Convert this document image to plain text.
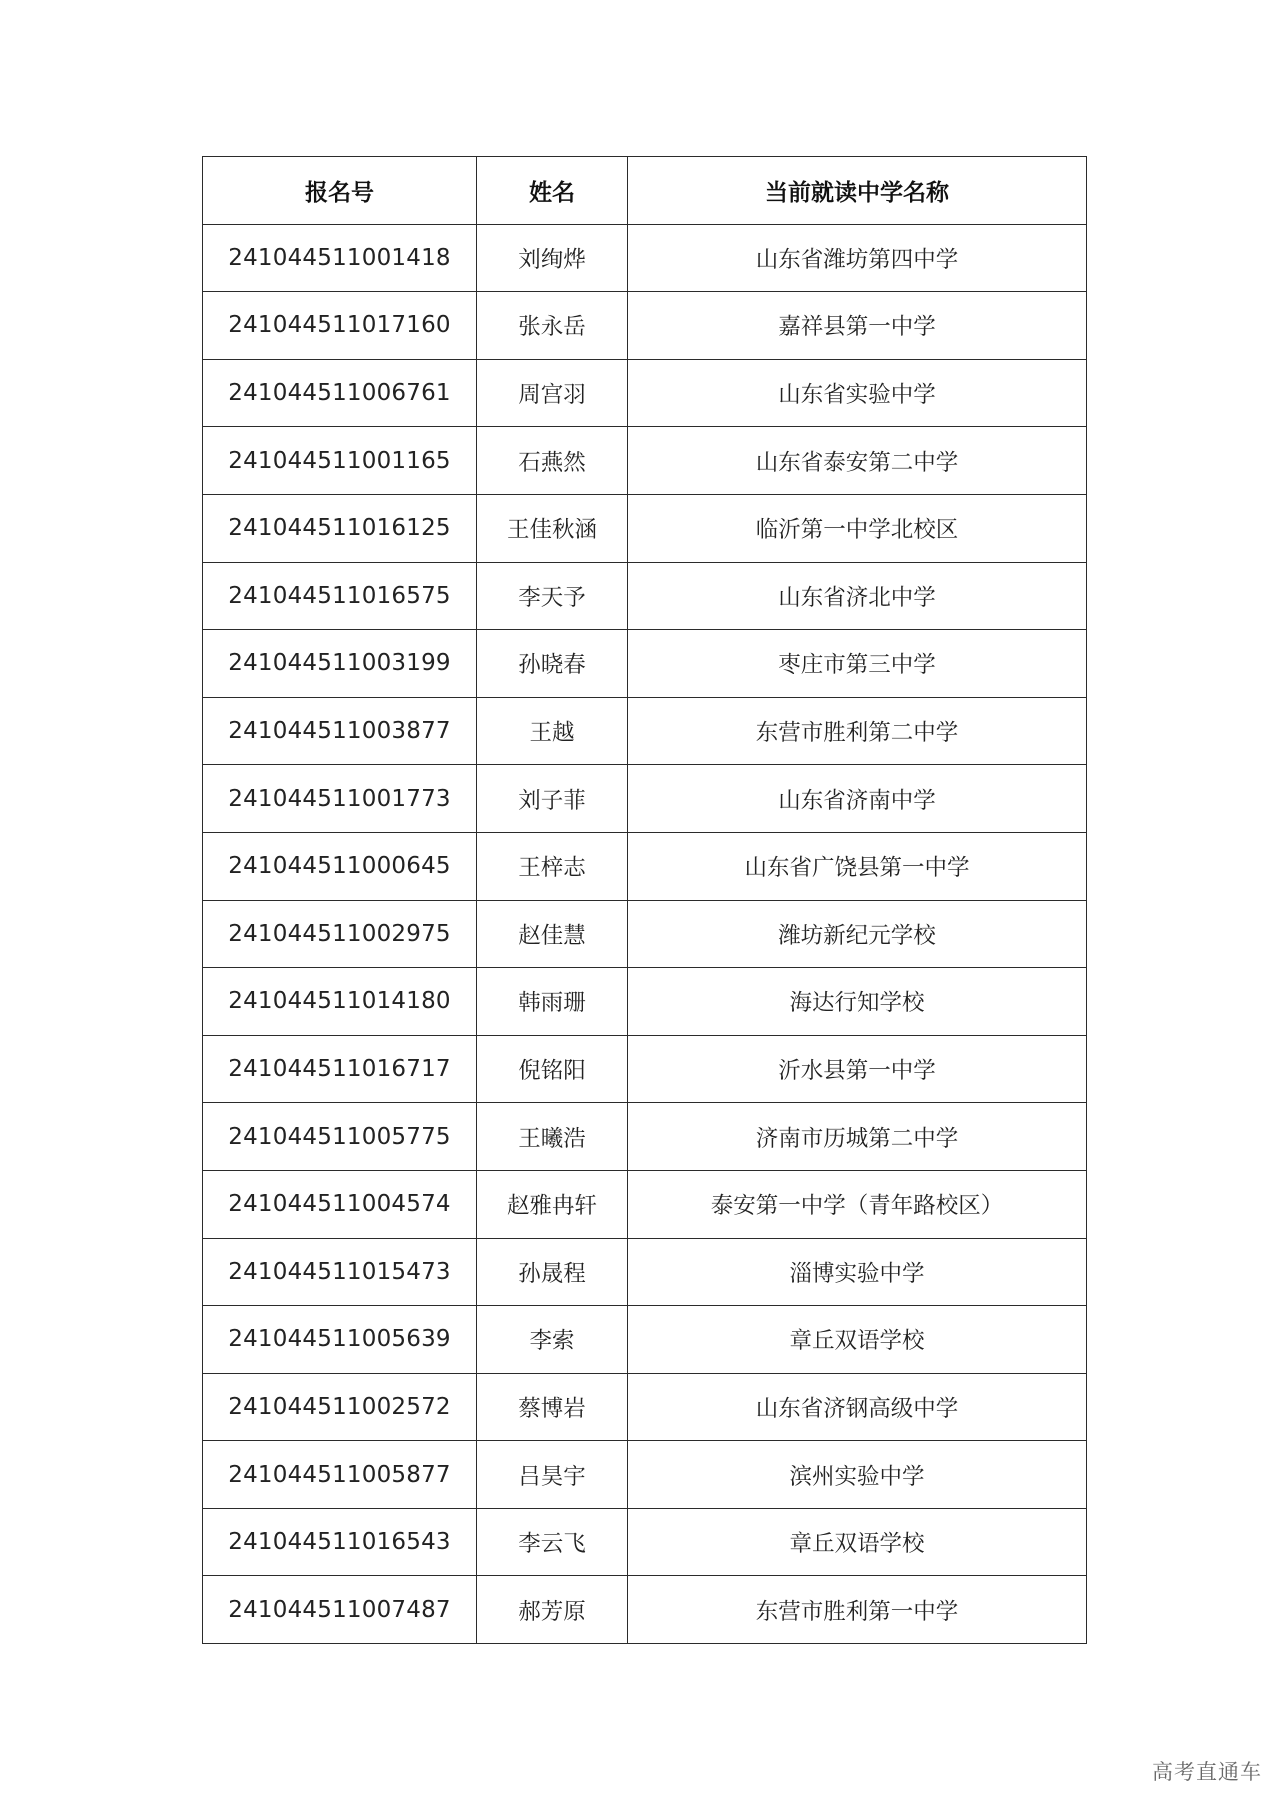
报名号	姓名	当前就读中学名称
241044511001418	刘绚烨	山东省潍坊第四中学
241044511017160	张永岳	嘉祥县第一中学
241044511006761	周宫羽	山东省实验中学
241044511001165	石燕然	山东省泰安第二中学
241044511016125	王佳秋涵	临沂第一中学北校区
241044511016575	李天予	山东省济北中学
241044511003199	孙晓春	枣庄市第三中学
241044511003877	王越	东营市胜利第二中学
241044511001773	刘子菲	山东省济南中学
241044511000645	王梓志	山东省广饶县第一中学
241044511002975	赵佳慧	潍坊新纪元学校
241044511014180	韩雨珊	海达行知学校
241044511016717	倪铭阳	沂水县第一中学
241044511005775	王曦浩	济南市历城第二中学
241044511004574	赵雅冉轩	泰安第一中学（青年路校区）
241044511015473	孙晟程	淄博实验中学
241044511005639	李索	章丘双语学校
241044511002572	蔡博岩	山东省济钢高级中学
241044511005877	吕昊宇	滨州实验中学
241044511016543	李云飞	章丘双语学校
241044511007487	郝芳原	东营市胜利第一中学
高考直通车
